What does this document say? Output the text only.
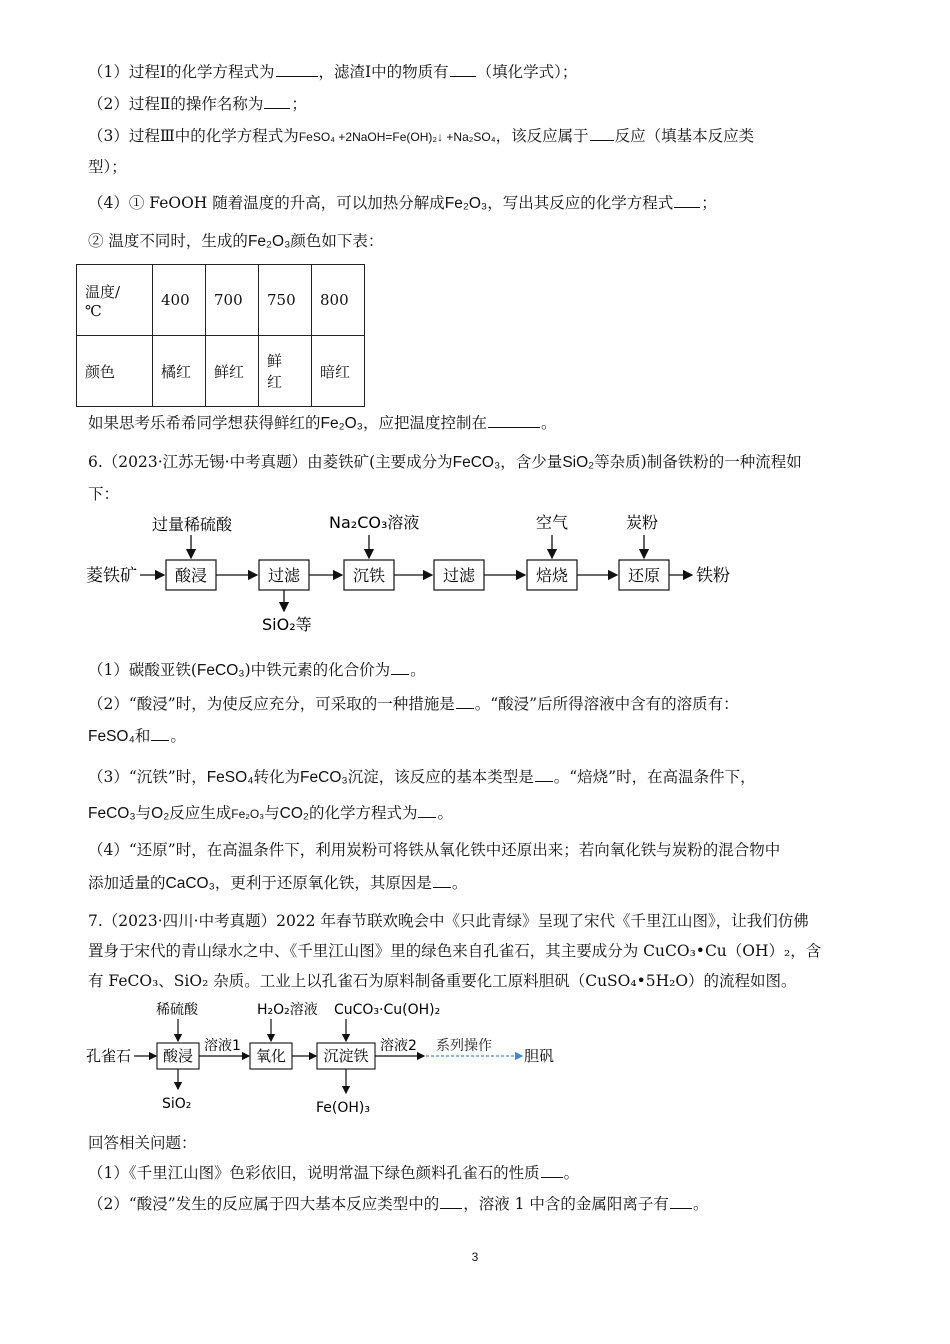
（1）过程Ⅰ的化学方程式为	，滤渣Ⅰ中的物质有 （填化学式）；
（2）过程Ⅱ的操作名称为 ；
（3）过程Ⅲ中的化学方程式为FeSO₄ +2NaOH=Fe(OH)₂↓ +Na₂SO₄，该反应属于 反应（填基本反应类
型）；
（4）① FeOOH 随着温度的升高，可以加热分解成Fe₂O₃，写出其反应的化学方程式 ；
② 温度不同时，生成的Fe₂O₃颜色如下表：
温度/
℃	400	700	750	800
颜色	橘红	鲜红	鲜
红	暗红
如果思考乐希希同学想获得鲜红的Fe₂O₃，应把温度控制在	。
6.（2023·江苏无锡·中考真题）由菱铁矿(主要成分为FeCO₃，含少量SiO₂等杂质)制备铁粉的一种流程如
下：
菱铁矿 酸浸	过滤	沉铁	过滤	焙烧	还原 铁粉
过量稀硫酸	Na₂CO₃溶液	空气	炭粉
SiO₂等
（1）碳酸亚铁(FeCO₃)中铁元素的化合价为 。
（2）“酸浸”时，为使反应充分，可采取的一种措施是 。“酸浸”后所得溶液中含有的溶质有：
FeSO₄和 。
（3）“沉铁”时，FeSO₄转化为FeCO₃沉淀，该反应的基本类型是 。“焙烧”时，在高温条件下，
FeCO₃与O₂反应生成Fe₂O₃与CO₂的化学方程式为 。
（4）“还原”时，在高温条件下，利用炭粉可将铁从氧化铁中还原出来；若向氧化铁与炭粉的混合物中
添加适量的CaCO₃，更利于还原氧化铁，其原因是 。
7.（2023·四川·中考真题）2022 年春节联欢晚会中《只此青绿》呈现了宋代《千里江山图》，让我们仿佛
置身于宋代的青山绿水之中、《千里江山图》里的绿色来自孔雀石，其主要成分为 CuCO₃•Cu（OH）₂，含
有 FeCO₃、SiO₂ 杂质。工业上以孔雀石为原料制备重要化工原料胆矾（CuSO₄•5H₂O）的流程如图。
孔雀石 酸浸
溶液1
氧化 沉淀铁
溶液2 系列操作
胆矾
稀硫酸	H₂O₂溶液 CuCO₃·Cu(OH)₂
SiO₂	Fe(OH)₃
回答相关问题：
（1）《千里江山图》色彩依旧，说明常温下绿色颜料孔雀石的性质 。
（2）“酸浸”发生的反应属于四大基本反应类型中的 ，溶液 1 中含的金属阳离子有 。
3
